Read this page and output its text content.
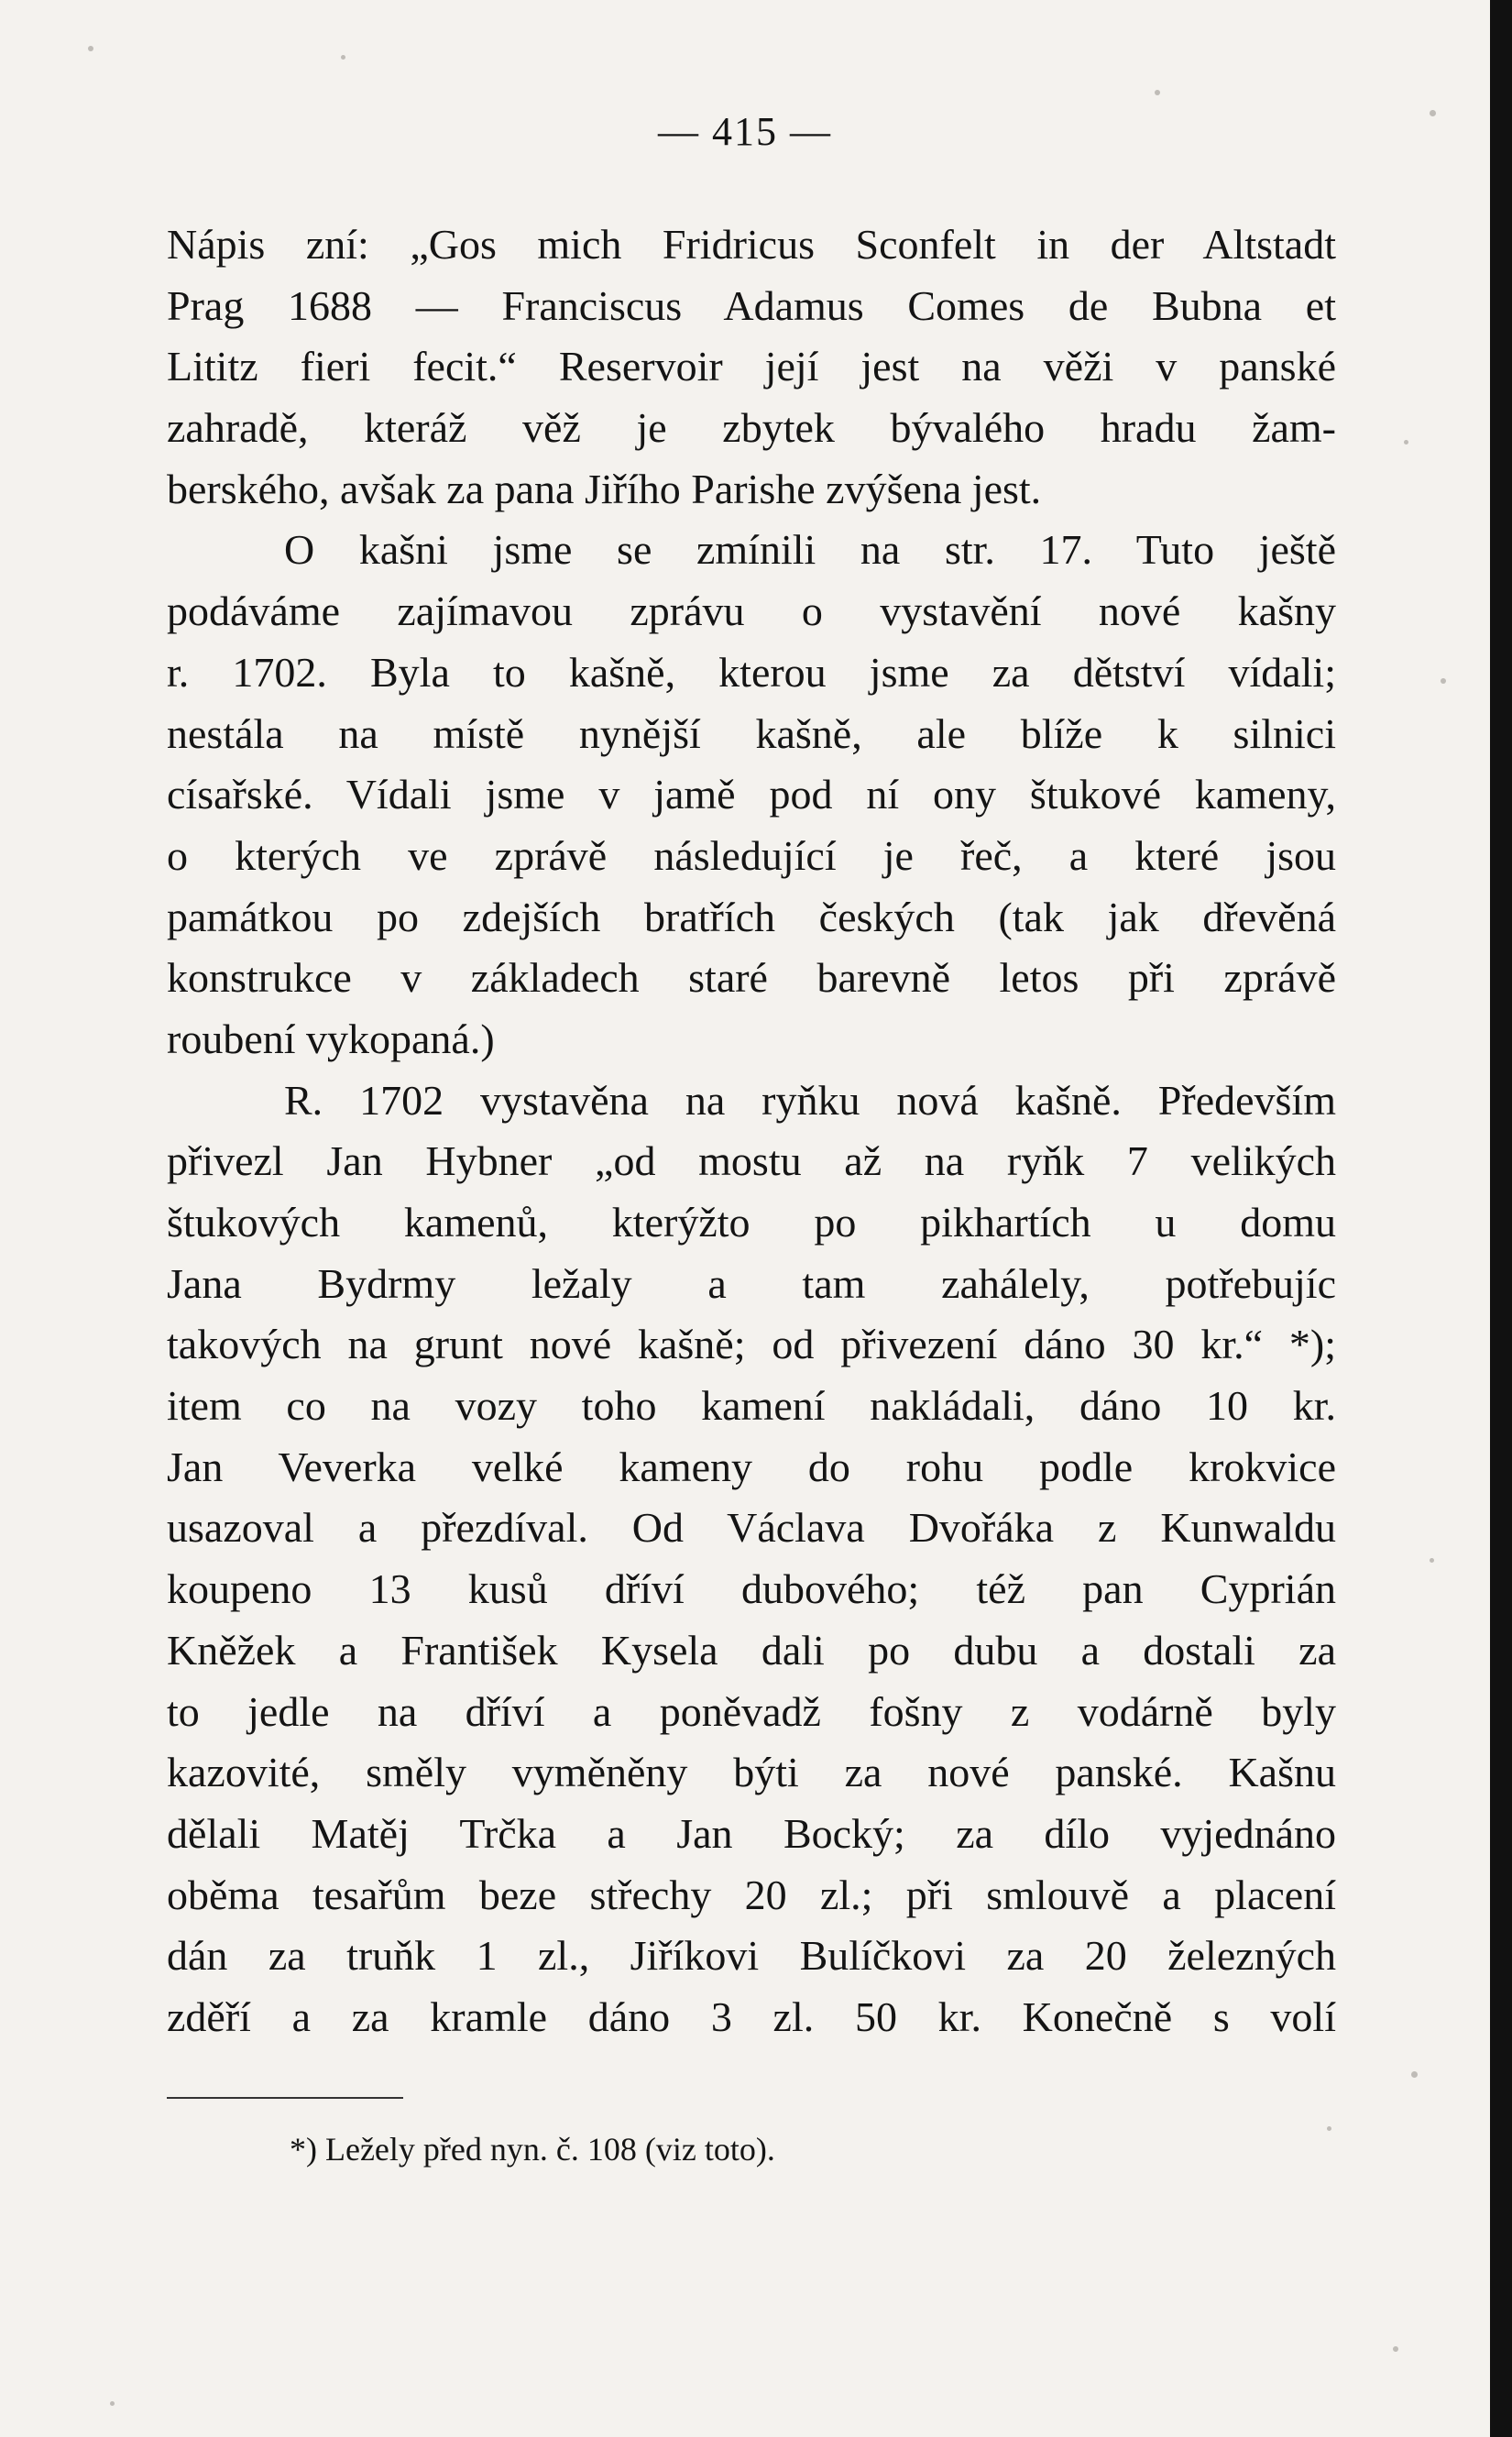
— 415 —
Nápis zní: „Gos mich Fridricus Sconfelt in der Altstadt
Prag 1688 — Franciscus Adamus Comes de Bubna et
Lititz fieri fecit.“ Reservoir její jest na věži v panské
zahradě, kteráž věž je zbytek bývalého hradu žam-
berského, avšak za pana Jiřího Parishe zvýšena jest.
O kašni jsme se zmínili na str. 17. Tuto ještě
podáváme zajímavou zprávu o vystavění nové kašny
r. 1702. Byla to kašně, kterou jsme za dětství vídali;
nestála na místě nynější kašně, ale blíže k silnici
císařské. Vídali jsme v jamě pod ní ony štukové kameny,
o kterých ve zprávě následující je řeč, a které jsou
památkou po zdejších bratřích českých (tak jak dřevěná
konstrukce v základech staré barevně letos při zprávě
roubení vykopaná.)
R. 1702 vystavěna na ryňku nová kašně. Především
přivezl Jan Hybner „od mostu až na ryňk 7 velikých
štukových kamenů, kterýžto po pikhartích u domu
Jana Bydrmy ležaly a tam zahálely, potřebujíc
takových na grunt nové kašně; od přivezení dáno 30 kr.“ *);
item co na vozy toho kamení nakládali, dáno 10 kr.
Jan Veverka velké kameny do rohu podle krokvice
usazoval a přezdíval. Od Václava Dvořáka z Kunwaldu
koupeno 13 kusů dříví dubového; též pan Cyprián
Kněžek a František Kysela dali po dubu a dostali za
to jedle na dříví a poněvadž fošny z vodárně byly
kazovité, směly vyměněny býti za nové panské. Kašnu
dělali Matěj Trčka a Jan Bocký; za dílo vyjednáno
oběma tesařům beze střechy 20 zl.; při smlouvě a placení
dán za truňk 1 zl., Jiříkovi Bulíčkovi za 20 železných
zděří a za kramle dáno 3 zl. 50 kr. Konečně s volí
*) Ležely před nyn. č. 108 (viz toto).
